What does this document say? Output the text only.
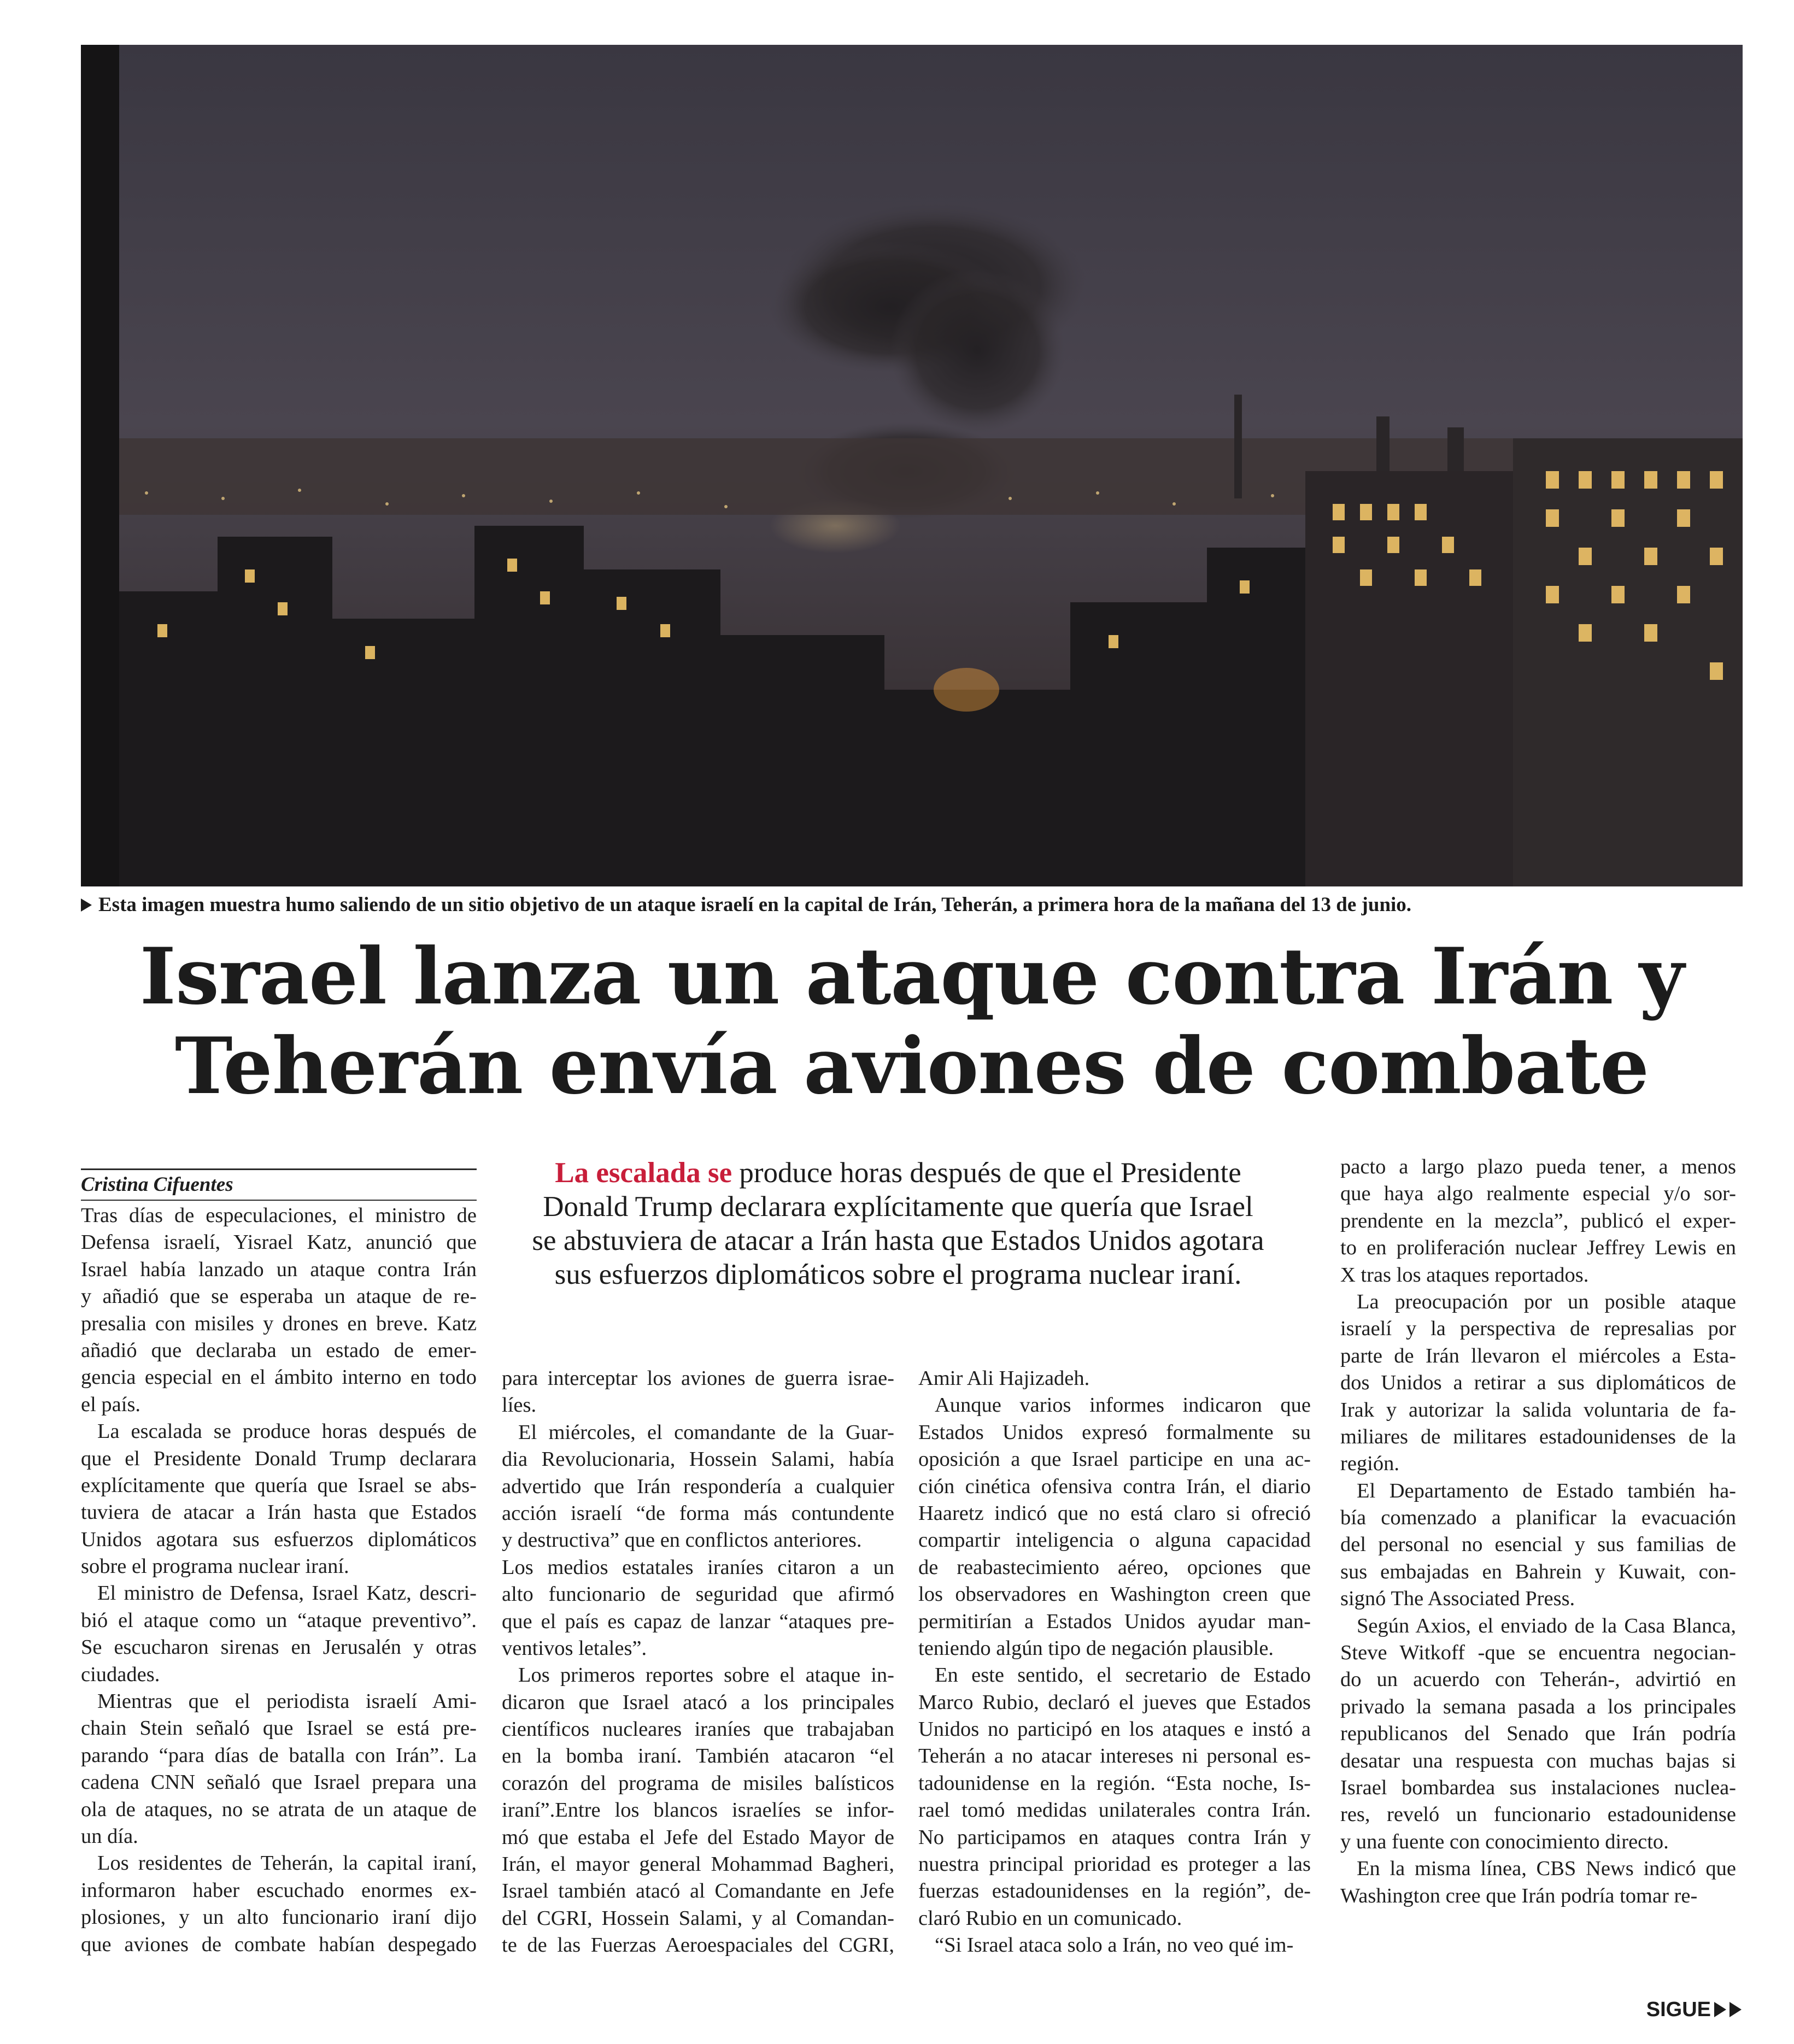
Esta imagen muestra humo saliendo de un sitio objetivo de un ataque israelí en la capital de Irán, Teherán, a primera hora de la mañana del 13 de junio.
Israel lanza un ataque contra Irán y
Teherán envía aviones de combate
Cristina Cifuentes	La escalada se produce horas después de que el Presidente
Donald Trump declarara explícitamente que quería que Israel
se abstuviera de atacar a Irán hasta que Estados Unidos agotara
sus esfuerzos diplomáticos sobre el programa nuclear iraní.
Tras días de especulaciones, el ministro de
Defensa israelí, Yisrael Katz, anunció que
Israel había lanzado un ataque contra Irán
y añadió que se esperaba un ataque de re-
presalia con misiles y drones en breve. Katz
añadió que declaraba un estado de emer-
gencia especial en el ámbito interno en todo
el país.
La escalada se produce horas después de
que el Presidente Donald Trump declarara
explícitamente que quería que Israel se abs-
tuviera de atacar a Irán hasta que Estados
Unidos agotara sus esfuerzos diplomáticos
sobre el programa nuclear iraní.
El ministro de Defensa, Israel Katz, descri-
bió el ataque como un “ataque preventivo”.
Se escucharon sirenas en Jerusalén y otras
ciudades.
Mientras que el periodista israelí Ami-
chain Stein señaló que Israel se está pre-
parando “para días de batalla con Irán”. La
cadena CNN señaló que Israel prepara una
ola de ataques, no se atrata de un ataque de
un día.
Los residentes de Teherán, la capital iraní,
informaron haber escuchado enormes ex-
plosiones, y un alto funcionario iraní dijo
que aviones de combate habían despegado
para interceptar los aviones de guerra israe-
líes.
El miércoles, el comandante de la Guar-
dia Revolucionaria, Hossein Salami, había
advertido que Irán respondería a cualquier
acción israelí “de forma más contundente
y destructiva” que en conflictos anteriores.
Los medios estatales iraníes citaron a un
alto funcionario de seguridad que afirmó
que el país es capaz de lanzar “ataques pre-
ventivos letales”.
Los primeros reportes sobre el ataque in-
dicaron que Israel atacó a los principales
científicos nucleares iraníes que trabajaban
en la bomba iraní. También atacaron “el
corazón del programa de misiles balísticos
iraní”.Entre los blancos israelíes se infor-
mó que estaba el Jefe del Estado Mayor de
Irán, el mayor general Mohammad Bagheri,
Israel también atacó al Comandante en Jefe
del CGRI, Hossein Salami, y al Comandan-
te de las Fuerzas Aeroespaciales del CGRI,
Amir Ali Hajizadeh.
Aunque varios informes indicaron que
Estados Unidos expresó formalmente su
oposición a que Israel participe en una ac-
ción cinética ofensiva contra Irán, el diario
Haaretz indicó que no está claro si ofreció
compartir inteligencia o alguna capacidad
de reabastecimiento aéreo, opciones que
los observadores en Washington creen que
permitirían a Estados Unidos ayudar man-
teniendo algún tipo de negación plausible.
En este sentido, el secretario de Estado
Marco Rubio, declaró el jueves que Estados
Unidos no participó en los ataques e instó a
Teherán a no atacar intereses ni personal es-
tadounidense en la región. “Esta noche, Is-
rael tomó medidas unilaterales contra Irán.
No participamos en ataques contra Irán y
nuestra principal prioridad es proteger a las
fuerzas estadounidenses en la región”, de-
claró Rubio en un comunicado.
“Si Israel ataca solo a Irán, no veo qué im-
pacto a largo plazo pueda tener, a menos
que haya algo realmente especial y/o sor-
prendente en la mezcla”, publicó el exper-
to en proliferación nuclear Jeffrey Lewis en
X tras los ataques reportados.
La preocupación por un posible ataque
israelí y la perspectiva de represalias por
parte de Irán llevaron el miércoles a Esta-
dos Unidos a retirar a sus diplomáticos de
Irak y autorizar la salida voluntaria de fa-
miliares de militares estadounidenses de la
región.
El Departamento de Estado también ha-
bía comenzado a planificar la evacuación
del personal no esencial y sus familias de
sus embajadas en Bahrein y Kuwait, con-
signó The Associated Press.
Según Axios, el enviado de la Casa Blanca,
Steve Witkoff -que se encuentra negocian-
do un acuerdo con Teherán-, advirtió en
privado la semana pasada a los principales
republicanos del Senado que Irán podría
desatar una respuesta con muchas bajas si
Israel bombardea sus instalaciones nuclea-
res, reveló un funcionario estadounidense
y una fuente con conocimiento directo.
En la misma línea, CBS News indicó que
Washington cree que Irán podría tomar re-
SIGUE
